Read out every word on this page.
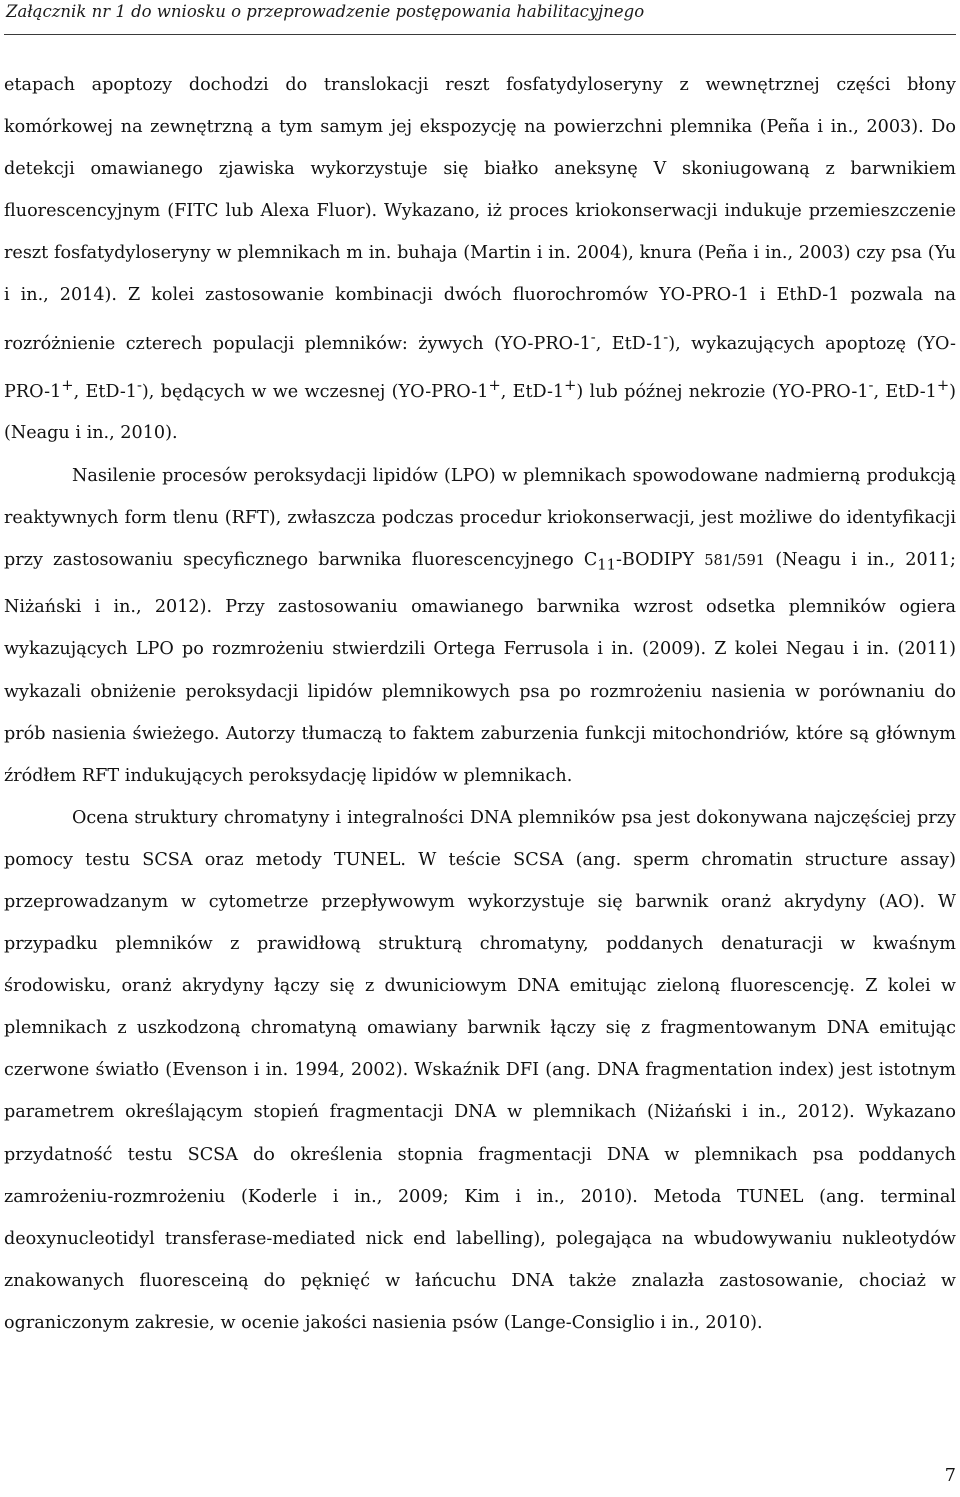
Załącznik nr 1 do wniosku o przeprowadzenie postępowania habilitacyjnego

etapach apoptozy dochodzi do translokacji reszt fosfatydyloseryny z wewnętrznej części błony komórkowej na zewnętrzną a tym samym jej ekspozycję na powierzchni plemnika (Peña i in., 2003). Do detekcji omawianego zjawiska wykorzystuje się białko aneksynę V skoniugowaną z barwnikiem fluorescencyjnym (FITC lub Alexa Fluor). Wykazano, iż proces kriokonserwacji indukuje przemieszczenie reszt fosfatydyloseryny w plemnikach m in. buhaja (Martin i in. 2004), knura (Peña i in., 2003) czy psa (Yu i in., 2014). Z kolei zastosowanie kombinacji dwóch fluorochromów YO-PRO-1 i EthD-1 pozwala na rozróżnienie czterech populacji plemników: żywych (YO-PRO-1-, EtD-1-), wykazujących apoptozę (YO-PRO-1+, EtD-1-), będących w we wczesnej (YO-PRO-1+, EtD-1+) lub późnej nekrozie (YO-PRO-1-, EtD-1+) (Neagu i in., 2010).

Nasilenie procesów peroksydacji lipidów (LPO) w plemnikach spowodowane nadmierną produkcją reaktywnych form tlenu (RFT), zwłaszcza podczas procedur kriokonserwacji, jest możliwe do identyfikacji przy zastosowaniu specyficznego barwnika fluorescencyjnego $C_{11}$-BODIPY 581/591 (Neagu i in., 2011; Niżański i in., 2012). Przy zastosowaniu omawianego barwnika wzrost odsetka plemników ogiera wykazujących LPO po rozmrożeniu stwierdzili Ortega Ferrusola i in. (2009). Z kolei Negau i in. (2011) wykazali obniżenie peroksydacji lipidów plemnikowych psa po rozmrożeniu nasienia w porównaniu do prób nasienia świeżego. Autorzy tłumaczą to faktem zaburzenia funkcji mitochondriów, które są głównym źródłem RFT indukujących peroksydację lipidów w plemnikach.

Ocena struktury chromatyny i integralności DNA plemników psa jest dokonywana najczęściej przy pomocy testu SCSA oraz metody TUNEL. W teście SCSA (ang. sperm chromatin structure assay) przeprowadzanym w cytometrze przepływowym wykorzystuje się barwnik oranż akrydyny (AO). W przypadku plemników z prawidłową strukturą chromatyny, poddanych denaturacji w kwaśnym środowisku, oranż akrydyny łączy się z dwuniciowym DNA emitując zieloną fluorescencję. Z kolei w plemnikach z uszkodzoną chromatyną omawiany barwnik łączy się z fragmentowanym DNA emitując czerwone światło (Evenson i in. 1994, 2002). Wskaźnik DFI (ang. DNA fragmentation index) jest istotnym parametrem określającym stopień fragmentacji DNA w plemnikach (Niżański i in., 2012). Wykazano przydatność testu SCSA do określenia stopnia fragmentacji DNA w plemnikach psa poddanych zamrożeniu-rozmrożeniu (Koderle i in., 2009; Kim i in., 2010). Metoda TUNEL (ang. terminal deoxynucleotidyl transferase-mediated nick end labelling), polegająca na wbudowywaniu nukleotydów znakowanych fluoresceiną do pęknięć w łańcuchu DNA także znalazła zastosowanie, chociaż w ograniczonym zakresie, w ocenie jakości nasienia psów (Lange-Consiglio i in., 2010).

7
